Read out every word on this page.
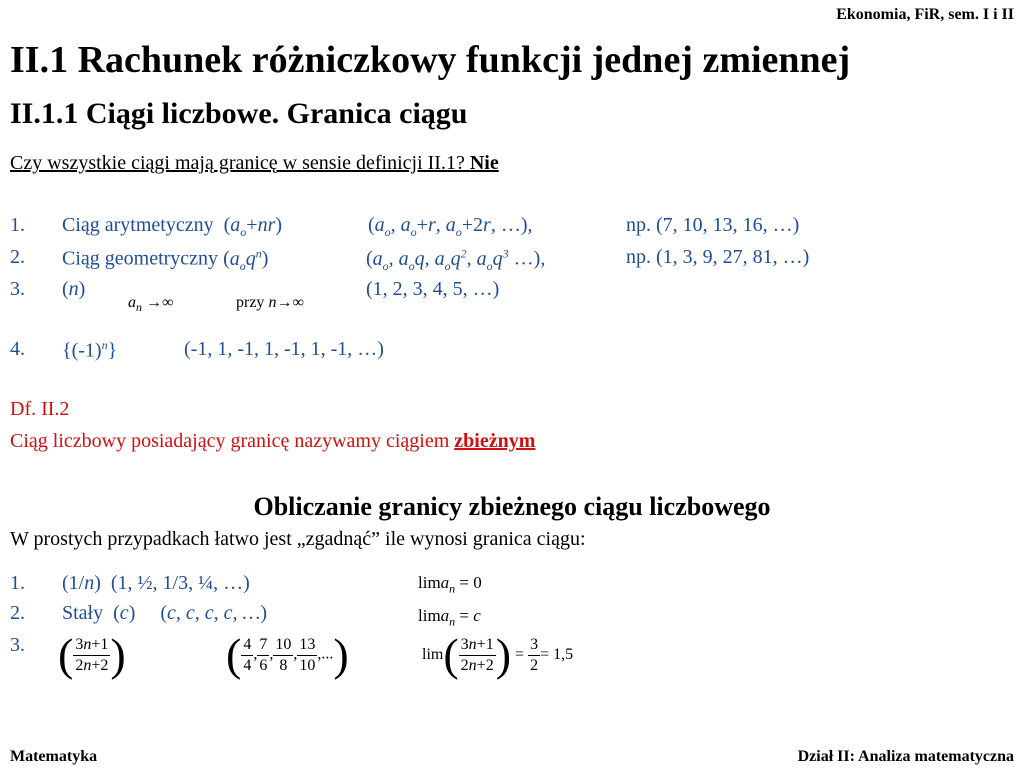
Ekonomia, FiR, sem. I i II
II.1 Rachunek różniczkowy funkcji jednej zmiennej
II.1.1 Ciągi liczbowe. Granica ciągu
Czy wszystkie ciągi mają granicę w sensie definicji II.1? Nie
1. Ciąg arytmetyczny  $(a_o+nr)$	($a_o$, $a_o+r$, $a_o+2r$, …),	np. (7, 10, 13, 16, …)
2. Ciąg geometryczny $(a_oq^n)$	($a_o$, $a_oq$, $a_oq^2$, $a_oq^3$ …),	np. (1, 3, 9, 27, 81, …)
3. (n)	(1, 2, 3, 4, 5, …)
$a_n$ →∞	przy n→∞
4. $\{(-1)^n\}$	(-1, 1, -1, 1, -1, 1, -1, …)
Df. II.2
Ciąg liczbowy posiadający granicę nazywamy ciągiem zbieżnym
Obliczanie granicy zbieżnego ciągu liczbowego
W prostych przypadkach łatwo jest „zgadnąć” ile wynosi granica ciągu:
1. (1/n)  (1, ½, 1/3, ¼, …)	lima$_n$ = 0
2. Stały  (c)     (c, c, c, c, …)	lima$_n$ = c
3. ( $\frac{3n+1}{2n+2}$ ) ( $\frac{4}{4}$ , $\frac{7}{6}$ , $\frac{10}{8}$ , $\frac{13}{10}$ ,...)	$\lim( \frac{3n+1}{2n+2}$ ) = $\frac{3}{2} = 1,5$
Matematyka	Dział II: Analiza matematyczna
